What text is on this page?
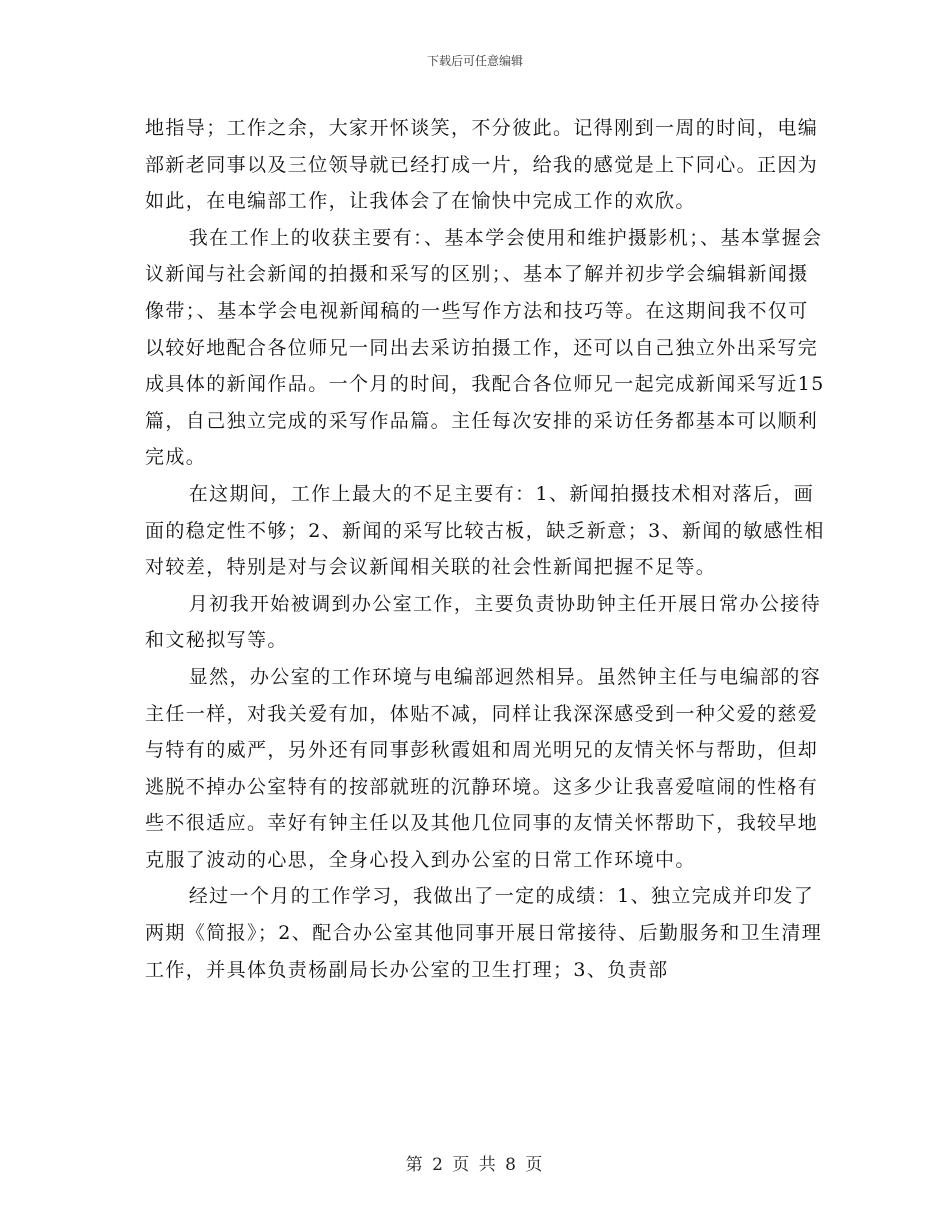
下载后可任意编辑

地指导；工作之余，大家开怀谈笑，不分彼此。记得刚到一周的时间，电编部新老同事以及三位领导就已经打成一片，给我的感觉是上下同心。正因为如此，在电编部工作，让我体会了在愉快中完成工作的欢欣。

我在工作上的收获主要有：、基本学会使用和维护摄影机；、基本掌握会议新闻与社会新闻的拍摄和采写的区别；、基本了解并初步学会编辑新闻摄像带；、基本学会电视新闻稿的一些写作方法和技巧等。在这期间我不仅可以较好地配合各位师兄一同出去采访拍摄工作，还可以自己独立外出采写完成具体的新闻作品。一个月的时间，我配合各位师兄一起完成新闻采写近15篇，自己独立完成的采写作品篇。主任每次安排的采访任务都基本可以顺利完成。

在这期间，工作上最大的不足主要有：1、新闻拍摄技术相对落后，画面的稳定性不够；2、新闻的采写比较古板，缺乏新意；3、新闻的敏感性相对较差，特别是对与会议新闻相关联的社会性新闻把握不足等。

月初我开始被调到办公室工作，主要负责协助钟主任开展日常办公接待和文秘拟写等。

显然，办公室的工作环境与电编部迥然相异。虽然钟主任与电编部的容主任一样，对我关爱有加，体贴不减，同样让我深深感受到一种父爱的慈爱与特有的威严，另外还有同事彭秋霞姐和周光明兄的友情关怀与帮助，但却逃脱不掉办公室特有的按部就班的沉静环境。这多少让我喜爱喧闹的性格有些不很适应。幸好有钟主任以及其他几位同事的友情关怀帮助下，我较早地克服了波动的心思，全身心投入到办公室的日常工作环境中。

经过一个月的工作学习，我做出了一定的成绩：1、独立完成并印发了两期《简报》；2、配合办公室其他同事开展日常接待、后勤服务和卫生清理工作，并具体负责杨副局长办公室的卫生打理；3、负责部

第 2 页 共 8 页
